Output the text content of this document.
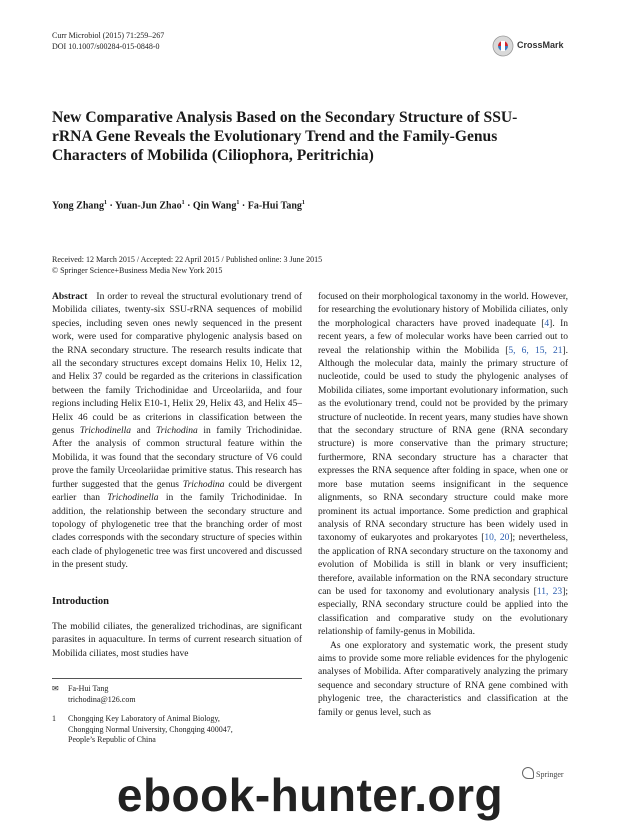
Curr Microbiol (2015) 71:259–267
DOI 10.1007/s00284-015-0848-0	CrossMark
New Comparative Analysis Based on the Secondary Structure of SSU-rRNA Gene Reveals the Evolutionary Trend and the Family-Genus Characters of Mobilida (Ciliophora, Peritrichia)
Yong Zhang$^1$ · Yuan-Jun Zhao$^1$ · Qin Wang$^1$ · Fa-Hui Tang$^1$
Received: 12 March 2015 / Accepted: 22 April 2015 / Published online: 3 June 2015
© Springer Science+Business Media New York 2015

Abstract In order to reveal the structural evolutionary trend of Mobilida ciliates, twenty-six SSU-rRNA sequences of mobilid species, including seven ones newly sequenced in the present work, were used for comparative phylogenic analysis based on the RNA secondary structure. The research results indicate that all the secondary structures except domains Helix 10, Helix 12, and Helix 37 could be regarded as the criterions in classification between the family Trichodinidae and Urceolariida, and four regions including Helix E10-1, Helix 29, Helix 43, and Helix 45–Helix 46 could be as criterions in classification between the genus Trichodinella and Trichodina in family Trichodinidae. After the analysis of common structural feature within the Mobilida, it was found that the secondary structure of V6 could prove the family Urceolariidae primitive status. This research has further suggested that the genus Trichodina could be divergent earlier than Trichodinella in the family Trichodinidae. In addition, the relationship between the secondary structure and topology of phylogenetic tree that the branching order of most clades corresponds with the secondary structure of species within each clade of phylogenetic tree was first uncovered and discussed in the present study.

Introduction

The mobilid ciliates, the generalized trichodinas, are significant parasites in aquaculture. In terms of current research situation of Mobilida ciliates, most studies have

focused on their morphological taxonomy in the world. However, for researching the evolutionary history of Mobilida ciliates, only the morphological characters have proved inadequate [4]. In recent years, a few of molecular works have been carried out to reveal the relationship within the Mobilida [5, 6, 15, 21]. Although the molecular data, mainly the primary structure of nucleotide, could be used to study the phylogenic analyses of Mobilida ciliates, some important evolutionary information, such as the evolutionary trend, could not be provided by the primary structure of nucleotide. In recent years, many studies have shown that the secondary structure of RNA gene (RNA secondary structure) is more conservative than the primary structure; furthermore, RNA secondary structure has a character that expresses the RNA sequence after folding in space, when one or more base mutation seems insignificant in the sequence alignments, so RNA secondary structure could make more prominent its actual importance. Some prediction and graphical analysis of RNA secondary structure has been widely used in taxonomy of eukaryotes and prokaryotes [10, 20]; nevertheless, the application of RNA secondary structure on the taxonomy and evolution of Mobilida is still in blank or very insufficient; therefore, available information on the RNA secondary structure can be used for taxonomy and evolutionary analysis [11, 23]; especially, RNA secondary structure could be applied into the classification and comparative study on the evolutionary relationship of family-genus in Mobilida.

As one exploratory and systematic work, the present study aims to provide some more reliable evidences for the phylogenic analyses of Mobilida. After comparatively analyzing the primary sequence and secondary structure of RNA gene combined with phylogenic tree, the characteristics and classification at the family or genus level, such as

✉	Fa-Hui Tang
trichodina@126.com
1	Chongqing Key Laboratory of Animal Biology,
Chongqing Normal University, Chongqing 400047,
People’s Republic of China
Springer
ebook-hunter.org
